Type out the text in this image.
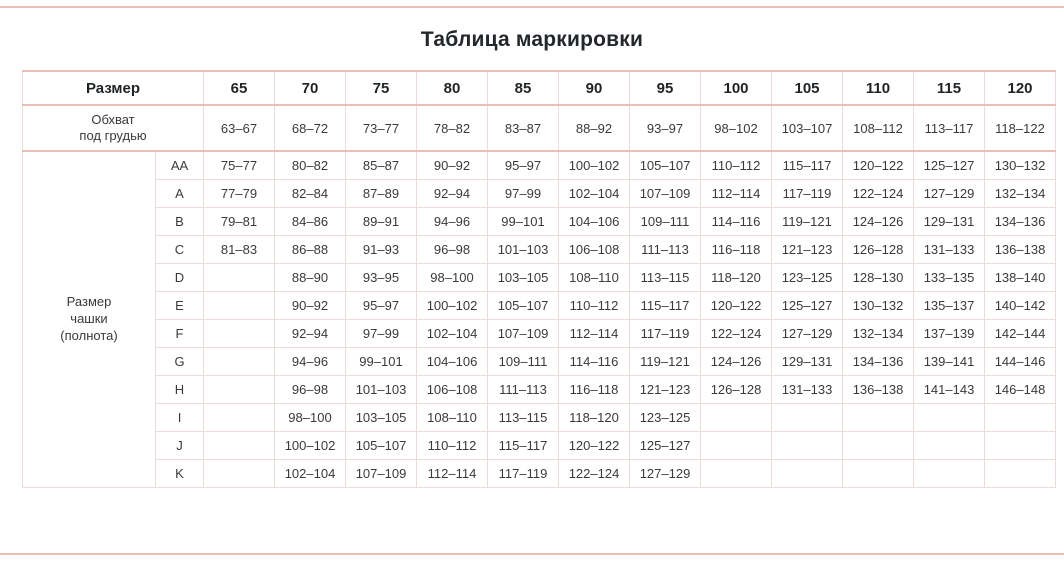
Таблица маркировки
Размер		65	70	75	80	85	90	95	100	105	110	115	120
Обхват
под грудью		63–67	68–72	73–77	78–82	83–87	88–92	93–97	98–102	103–107	108–112	113–117	118–122
Размер
чашки
(полнота)	AA	75–77	80–82	85–87	90–92	95–97	100–102	105–107	110–112	115–117	120–122	125–127	130–132
	A	77–79	82–84	87–89	92–94	97–99	102–104	107–109	112–114	117–119	122–124	127–129	132–134
	B	79–81	84–86	89–91	94–96	99–101	104–106	109–111	114–116	119–121	124–126	129–131	134–136
	C	81–83	86–88	91–93	96–98	101–103	106–108	111–113	116–118	121–123	126–128	131–133	136–138
	D		88–90	93–95	98–100	103–105	108–110	113–115	118–120	123–125	128–130	133–135	138–140
	E		90–92	95–97	100–102	105–107	110–112	115–117	120–122	125–127	130–132	135–137	140–142
	F		92–94	97–99	102–104	107–109	112–114	117–119	122–124	127–129	132–134	137–139	142–144
	G		94–96	99–101	104–106	109–111	114–116	119–121	124–126	129–131	134–136	139–141	144–146
	H		96–98	101–103	106–108	111–113	116–118	121–123	126–128	131–133	136–138	141–143	146–148
	I		98–100	103–105	108–110	113–115	118–120	123–125					
	J		100–102	105–107	110–112	115–117	120–122	125–127					
	K		102–104	107–109	112–114	117–119	122–124	127–129					
